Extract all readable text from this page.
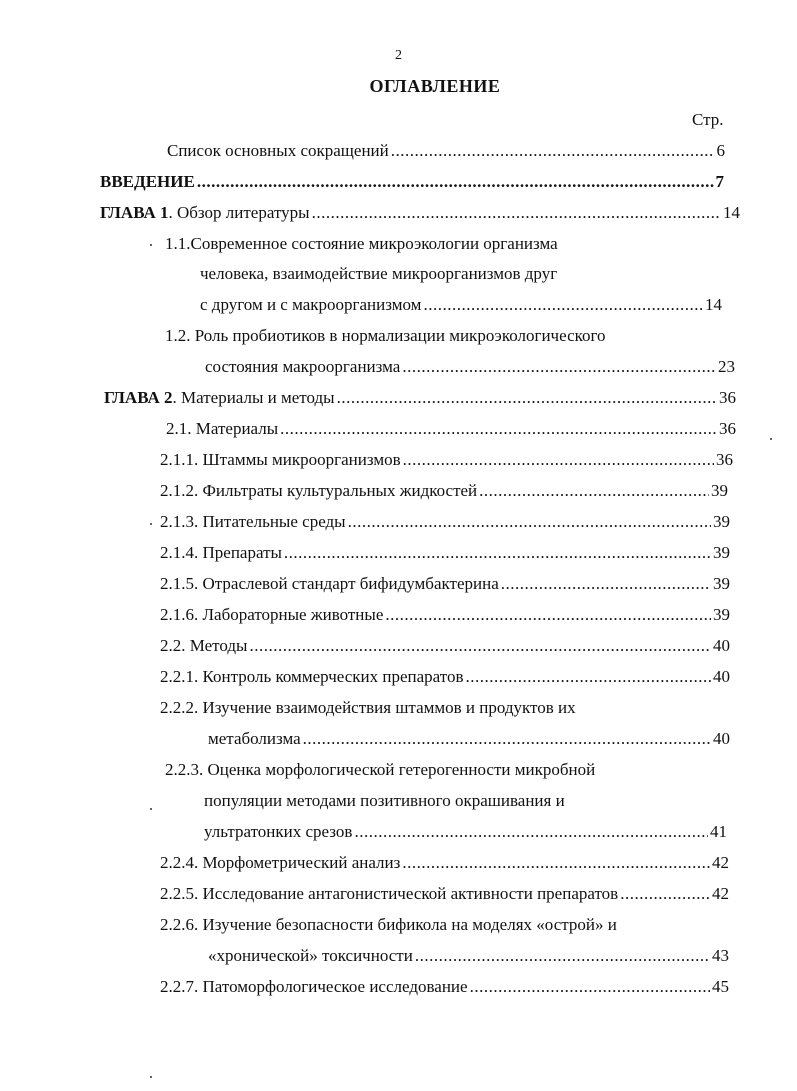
2
ОГЛАВЛЕНИЕ
Стр.
Список основных сокращений .....	6
ВВЕДЕНИЕ .....	7
ГЛАВА 1. Обзор литературы .....	14
1.1.Современное состояние микроэкологии организма
человека, взаимодействие микроорганизмов друг
с другом и с макроорганизмом .....	14
1.2. Роль пробиотиков в нормализации микроэкологического
состояния макроорганизма .....	23
ГЛАВА 2. Материалы и методы .....	36
2.1. Материалы .....	36
2.1.1. Штаммы микроорганизмов .....	36
2.1.2. Фильтраты культуральных жидкостей .....	39
2.1.3. Питательные среды .....	39
2.1.4. Препараты .....	39
2.1.5. Отраслевой стандарт бифидумбактерина .....	39
2.1.6. Лабораторные животные .....	39
2.2. Методы .....	40
2.2.1. Контроль коммерческих препаратов .....	40
2.2.2. Изучение взаимодействия штаммов и продуктов их
метаболизма .....	40
2.2.3. Оценка морфологической гетерогенности микробной
популяции методами позитивного окрашивания и
ультратонких срезов .....	41
2.2.4. Морфометрический анализ .....	42
2.2.5. Исследование антагонистической активности препаратов .....	42
2.2.6. Изучение безопасности бификола на моделях «острой» и
«хронической» токсичности .....	43
2.2.7. Патоморфологическое исследование .....	45
